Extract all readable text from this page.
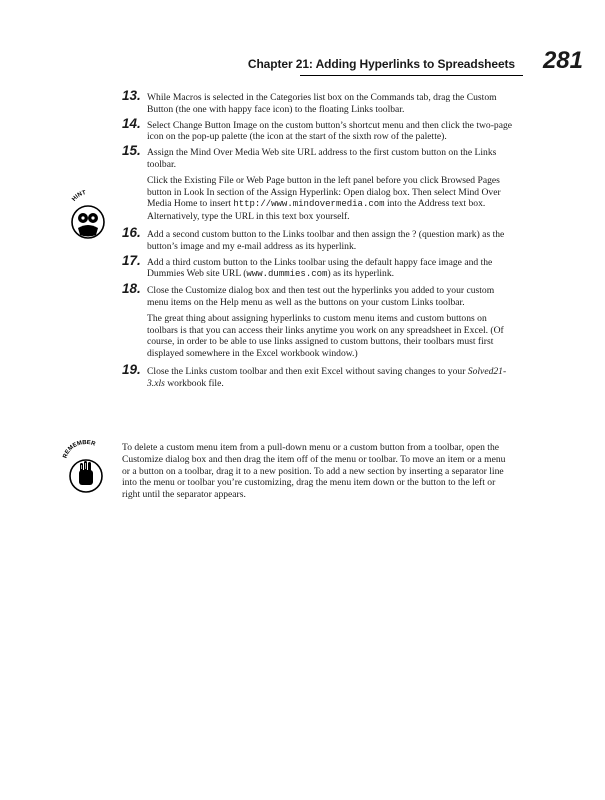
Chapter 21: Adding Hyperlinks to Spreadsheets 281
HINT
REMEMBER
13. While Macros is selected in the Categories list box on the Commands tab, drag the Custom Button (the one with happy face icon) to the floating Links toolbar.
14. Select Change Button Image on the custom button’s shortcut menu and then click the two-page icon on the pop-up palette (the icon at the start of the sixth row of the palette).
15. Assign the Mind Over Media Web site URL address to the first custom button on the Links toolbar.
Click the Existing File or Web Page button in the left panel before you click Browsed Pages button in Look In section of the Assign Hyperlink: Open dialog box. Then select Mind Over Media Home to insert http://www.mindovermedia.com into the Address text box. Alternatively, type the URL in this text box yourself.
16. Add a second custom button to the Links toolbar and then assign the ? (question mark) as the button’s image and my e-mail address as its hyperlink.
17. Add a third custom button to the Links toolbar using the default happy face image and the Dummies Web site URL (www.dummies.com) as its hyperlink.
18. Close the Customize dialog box and then test out the hyperlinks you added to your custom menu items on the Help menu as well as the buttons on your custom Links toolbar.
The great thing about assigning hyperlinks to custom menu items and custom buttons on toolbars is that you can access their links anytime you work on any spreadsheet in Excel. (Of course, in order to be able to use links assigned to custom buttons, their toolbars must first displayed somewhere in the Excel workbook window.)
19. Close the Links custom toolbar and then exit Excel without saving changes to your Solved21-3.xls workbook file.
To delete a custom menu item from a pull-down menu or a custom button from a toolbar, open the Customize dialog box and then drag the item off of the menu or toolbar. To move an item or a menu or a button on a toolbar, drag it to a new position. To add a new section by inserting a separator line into the menu or toolbar you’re customizing, drag the menu item down or the button to the left or right until the separator appears.
